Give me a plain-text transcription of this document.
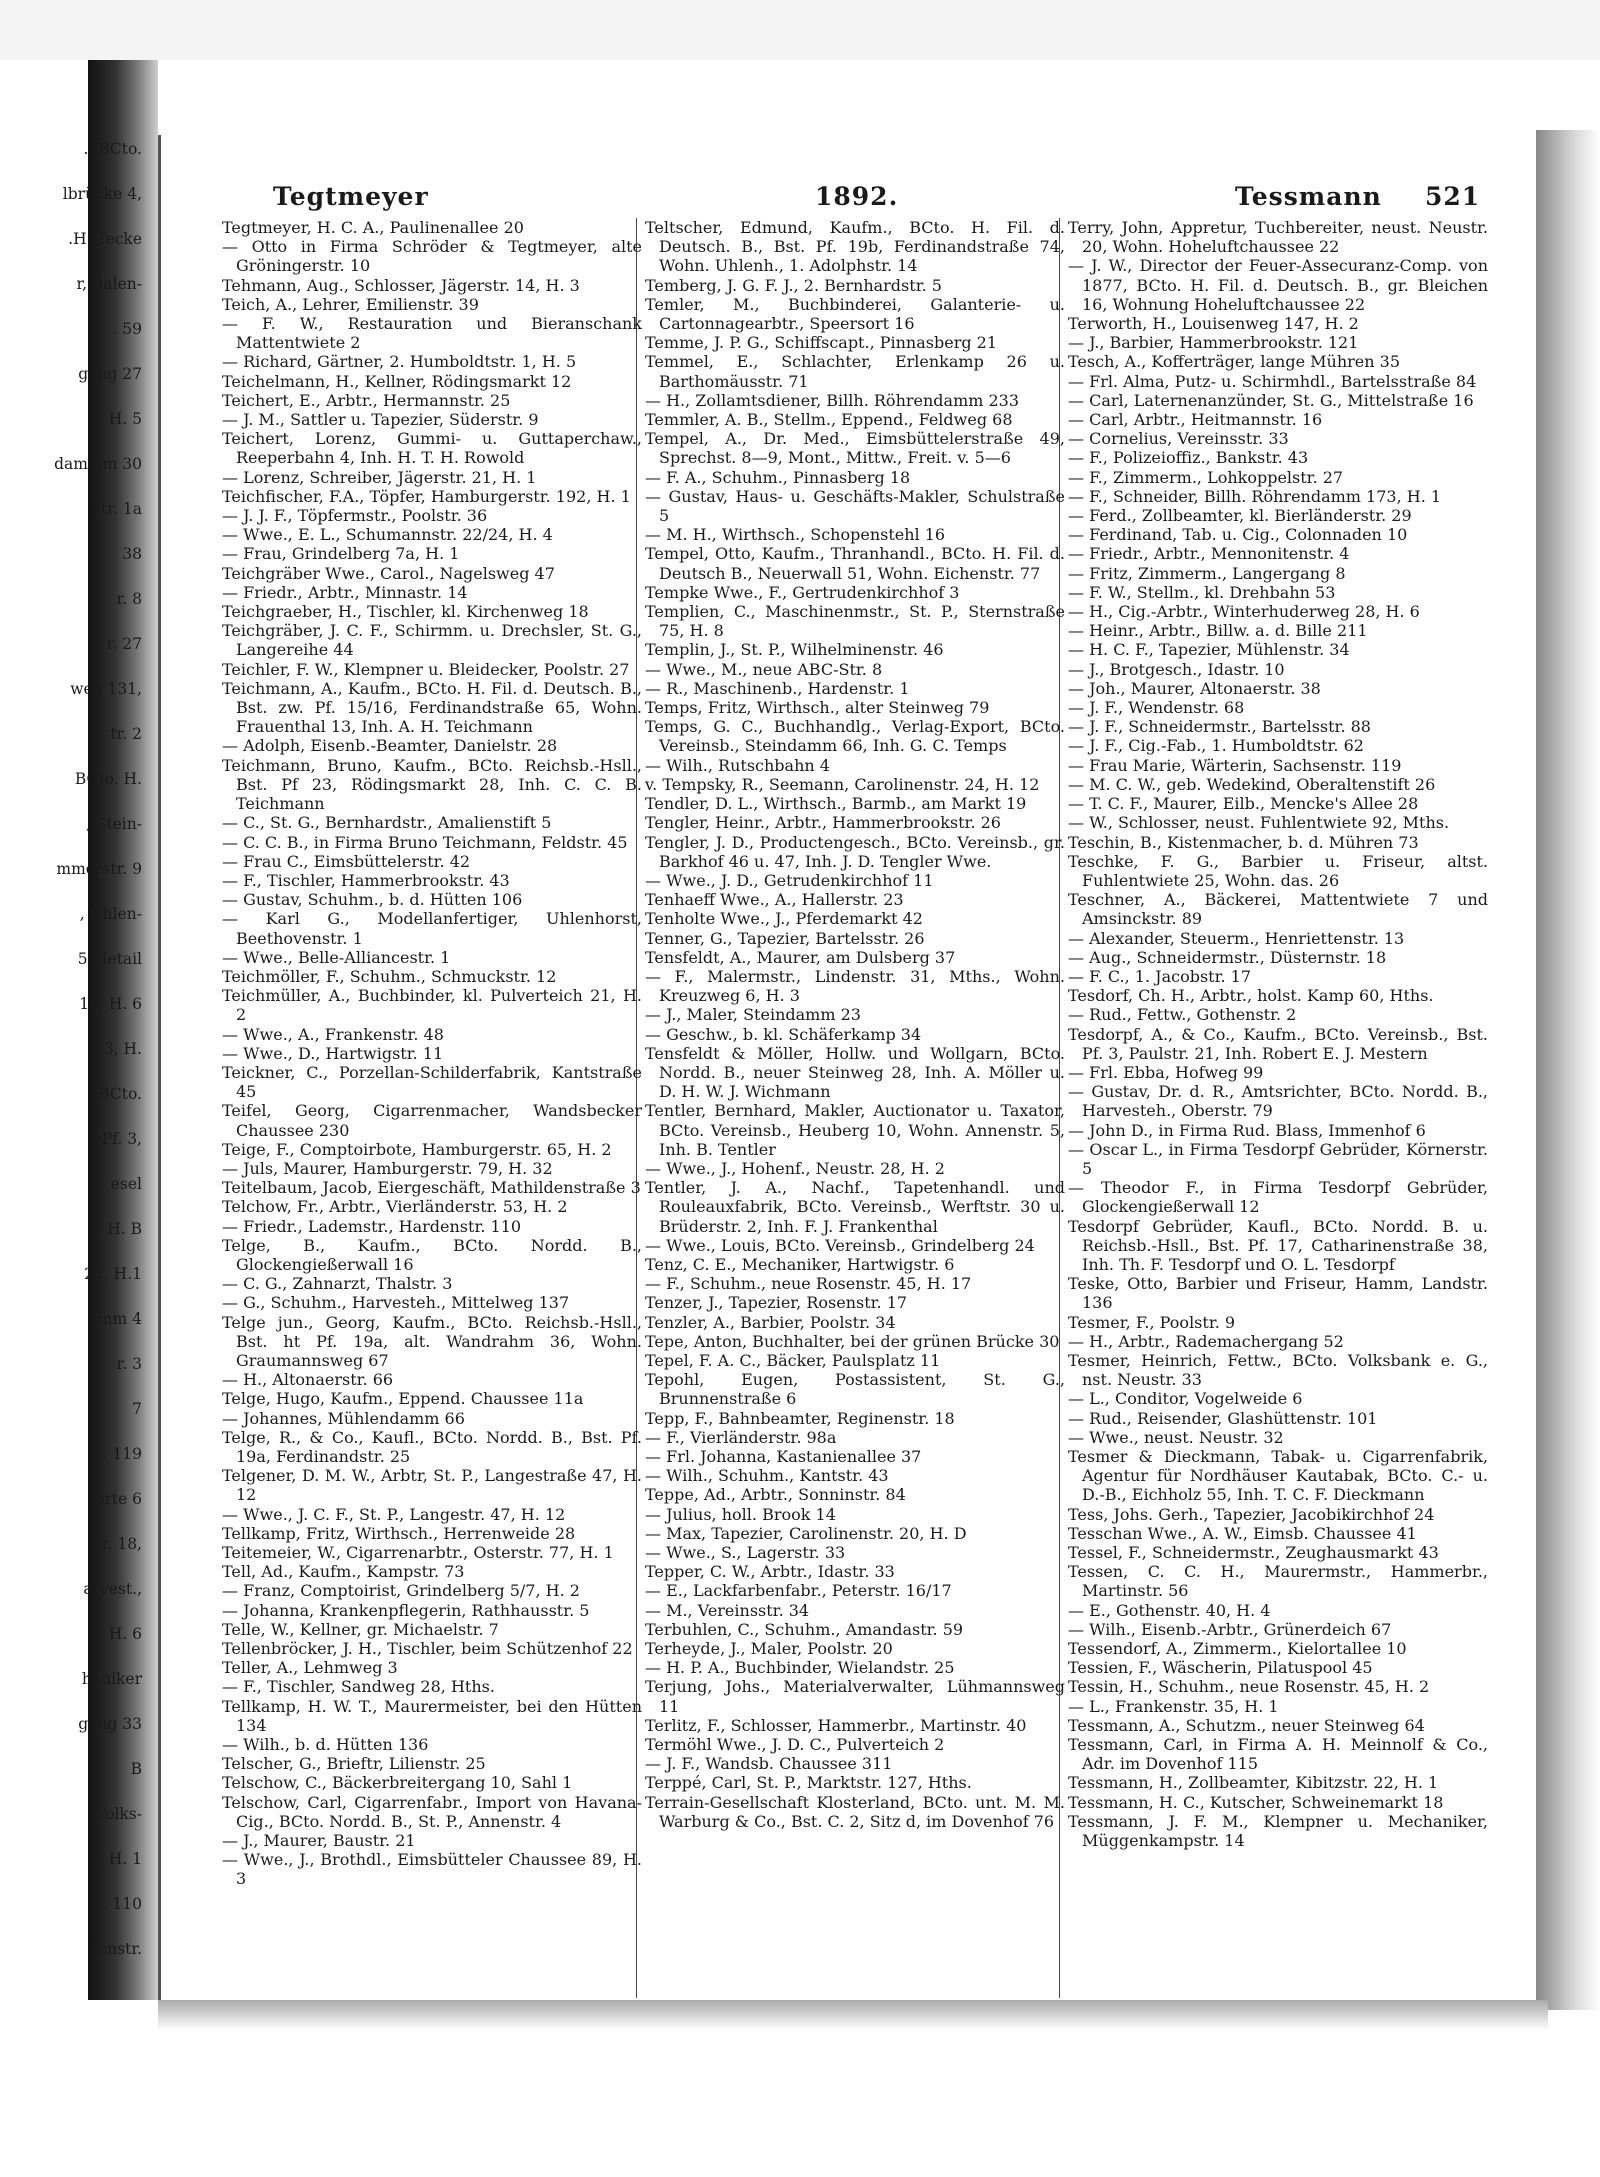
., BCto.
lbrücke 4,
.H. Tecke
r, Balen-
. 59
gang 27
H. 5
dammm 30
str. 1a
38
r. 8
r. 27
weg 131,
tr. 2
BCto. H.
, Stein-
mmerstr. 9
, Uhlen-
5, detail
10, H. 6
3, H.
BCto.
, Pf. 3,
esel
3, H. B
22, H.1
amm 4
r. 3
7
. 119
orte 6
str. 18,
arvest.,
H. 6
haniker
gang 33
B
Volks-
7, H. 1
. 110
ienstr.
Tegtmeyer	1892.	Tessmann 521

Tegtmeyer, H. C. A., Paulinenallee 20

— Otto in Firma Schröder & Tegtmeyer, alte Gröningerstr. 10

Tehmann, Aug., Schlosser, Jägerstr. 14, H. 3

Teich, A., Lehrer, Emilienstr. 39

— F. W., Restauration und Bieranschank Mattentwiete 2

— Richard, Gärtner, 2. Humboldtstr. 1, H. 5

Teichelmann, H., Kellner, Rödingsmarkt 12

Teichert, E., Arbtr., Hermannstr. 25

— J. M., Sattler u. Tapezier, Süderstr. 9

Teichert, Lorenz, Gummi- u. Guttaperchaw., Reeperbahn 4, Inh. H. T. H. Rowold

— Lorenz, Schreiber, Jägerstr. 21, H. 1

Teichfischer, F.A., Töpfer, Hamburgerstr. 192, H. 1

— J. J. F., Töpfermstr., Poolstr. 36

— Wwe., E. L., Schumannstr. 22/24, H. 4

— Frau, Grindelberg 7a, H. 1

Teichgräber Wwe., Carol., Nagelsweg 47

— Friedr., Arbtr., Minnastr. 14

Teichgraeber, H., Tischler, kl. Kirchenweg 18

Teichgräber, J. C. F., Schirmm. u. Drechsler, St. G., Langereihe 44

Teichler, F. W., Klempner u. Bleidecker, Poolstr. 27

Teichmann, A., Kaufm., BCto. H. Fil. d. Deutsch. B., Bst. zw. Pf. 15/16, Ferdinandstraße 65, Wohn. Frauenthal 13, Inh. A. H. Teichmann

— Adolph, Eisenb.-Beamter, Danielstr. 28

Teichmann, Bruno, Kaufm., BCto. Reichsb.-Hsll., Bst. Pf 23, Rödingsmarkt 28, Inh. C. C. B. Teichmann

— C., St. G., Bernhardstr., Amalienstift 5

— C. C. B., in Firma Bruno Teichmann, Feldstr. 45

— Frau C., Eimsbüttelerstr. 42

— F., Tischler, Hammerbrookstr. 43

— Gustav, Schuhm., b. d. Hütten 106

— Karl G., Modellanfertiger, Uhlenhorst, Beethovenstr. 1

— Wwe., Belle-Alliancestr. 1

Teichmöller, F., Schuhm., Schmuckstr. 12

Teichmüller, A., Buchbinder, kl. Pulverteich 21, H. 2

— Wwe., A., Frankenstr. 48

— Wwe., D., Hartwigstr. 11

Teickner, C., Porzellan-Schilderfabrik, Kantstraße 45

Teifel, Georg, Cigarrenmacher, Wandsbecker Chaussee 230

Teige, F., Comptoirbote, Hamburgerstr. 65, H. 2

— Juls, Maurer, Hamburgerstr. 79, H. 32

Teitelbaum, Jacob, Eiergeschäft, Mathildenstraße 3

Telchow, Fr., Arbtr., Vierländerstr. 53, H. 2

— Friedr., Lademstr., Hardenstr. 110

Telge, B., Kaufm., BCto. Nordd. B., Glockengießerwall 16

— C. G., Zahnarzt, Thalstr. 3

— G., Schuhm., Harvesteh., Mittelweg 137

Telge jun., Georg, Kaufm., BCto. Reichsb.-Hsll., Bst. ht Pf. 19a, alt. Wandrahm 36, Wohn. Graumannsweg 67

— H., Altonaerstr. 66

Telge, Hugo, Kaufm., Eppend. Chaussee 11a

— Johannes, Mühlendamm 66

Telge, R., & Co., Kaufl., BCto. Nordd. B., Bst. Pf. 19a, Ferdinandstr. 25

Telgener, D. M. W., Arbtr, St. P., Langestraße 47, H. 12

— Wwe., J. C. F., St. P., Langestr. 47, H. 12

Tellkamp, Fritz, Wirthsch., Herrenweide 28

Teitemeier, W., Cigarrenarbtr., Osterstr. 77, H. 1

Tell, Ad., Kaufm., Kampstr. 73

— Franz, Comptoirist, Grindelberg 5/7, H. 2

— Johanna, Krankenpflegerin, Rathhausstr. 5

Telle, W., Kellner, gr. Michaelstr. 7

Tellenbröcker, J. H., Tischler, beim Schützenhof 22

Teller, A., Lehmweg 3

— F., Tischler, Sandweg 28, Hths.

Tellkamp, H. W. T., Maurermeister, bei den Hütten 134

— Wilh., b. d. Hütten 136

Telscher, G., Brieftr, Lilienstr. 25

Telschow, C., Bäckerbreitergang 10, Sahl 1

Telschow, Carl, Cigarrenfabr., Import von Havana-Cig., BCto. Nordd. B., St. P., Annenstr. 4

— J., Maurer, Baustr. 21

— Wwe., J., Brothdl., Eimsbütteler Chaussee 89, H. 3

Teltscher, Edmund, Kaufm., BCto. H. Fil. d. Deutsch. B., Bst. Pf. 19b, Ferdinandstraße 74, Wohn. Uhlenh., 1. Adolphstr. 14

Temberg, J. G. F. J., 2. Bernhardstr. 5

Temler, M., Buchbinderei, Galanterie- u. Cartonnagearbtr., Speersort 16

Temme, J. P. G., Schiffscapt., Pinnasberg 21

Temmel, E., Schlachter, Erlenkamp 26 u. Barthomäusstr. 71

— H., Zollamtsdiener, Billh. Röhrendamm 233

Temmler, A. B., Stellm., Eppend., Feldweg 68

Tempel, A., Dr. Med., Eimsbüttelerstraße 49, Sprechst. 8—9, Mont., Mittw., Freit. v. 5—6

— F. A., Schuhm., Pinnasberg 18

— Gustav, Haus- u. Geschäfts-Makler, Schulstraße 5

— M. H., Wirthsch., Schopenstehl 16

Tempel, Otto, Kaufm., Thranhandl., BCto. H. Fil. d. Deutsch B., Neuerwall 51, Wohn. Eichenstr. 77

Tempke Wwe., F., Gertrudenkirchhof 3

Templien, C., Maschinenmstr., St. P., Sternstraße 75, H. 8

Templin, J., St. P., Wilhelminenstr. 46

— Wwe., M., neue ABC-Str. 8

— R., Maschinenb., Hardenstr. 1

Temps, Fritz, Wirthsch., alter Steinweg 79

Temps, G. C., Buchhandlg., Verlag-Export, BCto. Vereinsb., Steindamm 66, Inh. G. C. Temps

— Wilh., Rutschbahn 4

v. Tempsky, R., Seemann, Carolinenstr. 24, H. 12

Tendler, D. L., Wirthsch., Barmb., am Markt 19

Tengler, Heinr., Arbtr., Hammerbrookstr. 26

Tengler, J. D., Productengesch., BCto. Vereinsb., gr. Barkhof 46 u. 47, Inh. J. D. Tengler Wwe.

— Wwe., J. D., Getrudenkirchhof 11

Tenhaeff Wwe., A., Hallerstr. 23

Tenholte Wwe., J., Pferdemarkt 42

Tenner, G., Tapezier, Bartelsstr. 26

Tensfeldt, A., Maurer, am Dulsberg 37

— F., Malermstr., Lindenstr. 31, Mths., Wohn. Kreuzweg 6, H. 3

— J., Maler, Steindamm 23

— Geschw., b. kl. Schäferkamp 34

Tensfeldt & Möller, Hollw. und Wollgarn, BCto. Nordd. B., neuer Steinweg 28, Inh. A. Möller u. D. H. W. J. Wichmann

Tentler, Bernhard, Makler, Auctionator u. Taxator, BCto. Vereinsb., Heuberg 10, Wohn. Annenstr. 5, Inh. B. Tentler

— Wwe., J., Hohenf., Neustr. 28, H. 2

Tentler, J. A., Nachf., Tapetenhandl. und Rouleauxfabrik, BCto. Vereinsb., Werftstr. 30 u. Brüderstr. 2, Inh. F. J. Frankenthal

— Wwe., Louis, BCto. Vereinsb., Grindelberg 24

Tenz, C. E., Mechaniker, Hartwigstr. 6

— F., Schuhm., neue Rosenstr. 45, H. 17

Tenzer, J., Tapezier, Rosenstr. 17

Tenzler, A., Barbier, Poolstr. 34

Tepe, Anton, Buchhalter, bei der grünen Brücke 30

Tepel, F. A. C., Bäcker, Paulsplatz 11

Tepohl, Eugen, Postassistent, St. G., Brunnenstraße 6

Tepp, F., Bahnbeamter, Reginenstr. 18

— F., Vierländerstr. 98a

— Frl. Johanna, Kastanienallee 37

— Wilh., Schuhm., Kantstr. 43

Teppe, Ad., Arbtr., Sonninstr. 84

— Julius, holl. Brook 14

— Max, Tapezier, Carolinenstr. 20, H. D

— Wwe., S., Lagerstr. 33

Tepper, C. W., Arbtr., Idastr. 33

— E., Lackfarbenfabr., Peterstr. 16/17

— M., Vereinsstr. 34

Terbuhlen, C., Schuhm., Amandastr. 59

Terheyde, J., Maler, Poolstr. 20

— H. P. A., Buchbinder, Wielandstr. 25

Terjung, Johs., Materialverwalter, Lühmannsweg 11

Terlitz, F., Schlosser, Hammerbr., Martinstr. 40

Termöhl Wwe., J. D. C., Pulverteich 2

— J. F., Wandsb. Chaussee 311

Terppé, Carl, St. P., Marktstr. 127, Hths.

Terrain-Gesellschaft Klosterland, BCto. unt. M. M. Warburg & Co., Bst. C. 2, Sitz d, im Dovenhof 76

Terry, John, Appretur, Tuchbereiter, neust. Neustr. 20, Wohn. Hoheluftchaussee 22

— J. W., Director der Feuer-Assecuranz-Comp. von 1877, BCto. H. Fil. d. Deutsch. B., gr. Bleichen 16, Wohnung Hoheluftchaussee 22

Terworth, H., Louisenweg 147, H. 2

— J., Barbier, Hammerbrookstr. 121

Tesch, A., Kofferträger, lange Mühren 35

— Frl. Alma, Putz- u. Schirmhdl., Bartelsstraße 84

— Carl, Laternenanzünder, St. G., Mittelstraße 16

— Carl, Arbtr., Heitmannstr. 16

— Cornelius, Vereinsstr. 33

— F., Polizeioffiz., Bankstr. 43

— F., Zimmerm., Lohkoppelstr. 27

— F., Schneider, Billh. Röhrendamm 173, H. 1

— Ferd., Zollbeamter, kl. Bierländerstr. 29

— Ferdinand, Tab. u. Cig., Colonnaden 10

— Friedr., Arbtr., Mennonitenstr. 4

— Fritz, Zimmerm., Langergang 8

— F. W., Stellm., kl. Drehbahn 53

— H., Cig.-Arbtr., Winterhuderweg 28, H. 6

— Heinr., Arbtr., Billw. a. d. Bille 211

— H. C. F., Tapezier, Mühlenstr. 34

— J., Brotgesch., Idastr. 10

— Joh., Maurer, Altonaerstr. 38

— J. F., Wendenstr. 68

— J. F., Schneidermstr., Bartelsstr. 88

— J. F., Cig.-Fab., 1. Humboldtstr. 62

— Frau Marie, Wärterin, Sachsenstr. 119

— M. C. W., geb. Wedekind, Oberaltenstift 26

— T. C. F., Maurer, Eilb., Mencke's Allee 28

— W., Schlosser, neust. Fuhlentwiete 92, Mths.

Teschin, B., Kistenmacher, b. d. Mühren 73

Teschke, F. G., Barbier u. Friseur, altst. Fuhlentwiete 25, Wohn. das. 26

Teschner, A., Bäckerei, Mattentwiete 7 und Amsinckstr. 89

— Alexander, Steuerm., Henriettenstr. 13

— Aug., Schneidermstr., Düsternstr. 18

— F. C., 1. Jacobstr. 17

Tesdorf, Ch. H., Arbtr., holst. Kamp 60, Hths.

— Rud., Fettw., Gothenstr. 2

Tesdorpf, A., & Co., Kaufm., BCto. Vereinsb., Bst. Pf. 3, Paulstr. 21, Inh. Robert E. J. Mestern

— Frl. Ebba, Hofweg 99

— Gustav, Dr. d. R., Amtsrichter, BCto. Nordd. B., Harvesteh., Oberstr. 79

— John D., in Firma Rud. Blass, Immenhof 6

— Oscar L., in Firma Tesdorpf Gebrüder, Körnerstr. 5

— Theodor F., in Firma Tesdorpf Gebrüder, Glockengießerwall 12

Tesdorpf Gebrüder, Kaufl., BCto. Nordd. B. u. Reichsb.-Hsll., Bst. Pf. 17, Catharinenstraße 38, Inh. Th. F. Tesdorpf und O. L. Tesdorpf

Teske, Otto, Barbier und Friseur, Hamm, Landstr. 136

Tesmer, F., Poolstr. 9

— H., Arbtr., Rademachergang 52

Tesmer, Heinrich, Fettw., BCto. Volksbank e. G., nst. Neustr. 33

— L., Conditor, Vogelweide 6

— Rud., Reisender, Glashüttenstr. 101

— Wwe., neust. Neustr. 32

Tesmer & Dieckmann, Tabak- u. Cigarrenfabrik, Agentur für Nordhäuser Kautabak, BCto. C.- u. D.-B., Eichholz 55, Inh. T. C. F. Dieckmann

Tess, Johs. Gerh., Tapezier, Jacobikirchhof 24

Tesschan Wwe., A. W., Eimsb. Chaussee 41

Tessel, F., Schneidermstr., Zeughausmarkt 43

Tessen, C. C. H., Maurermstr., Hammerbr., Martinstr. 56

— E., Gothenstr. 40, H. 4

— Wilh., Eisenb.-Arbtr., Grünerdeich 67

Tessendorf, A., Zimmerm., Kielortallee 10

Tessien, F., Wäscherin, Pilatuspool 45

Tessin, H., Schuhm., neue Rosenstr. 45, H. 2

— L., Frankenstr. 35, H. 1

Tessmann, A., Schutzm., neuer Steinweg 64

Tessmann, Carl, in Firma A. H. Meinnolf & Co., Adr. im Dovenhof 115

Tessmann, H., Zollbeamter, Kibitzstr. 22, H. 1

Tessmann, H. C., Kutscher, Schweinemarkt 18

Tessmann, J. F. M., Klempner u. Mechaniker, Müggenkampstr. 14
